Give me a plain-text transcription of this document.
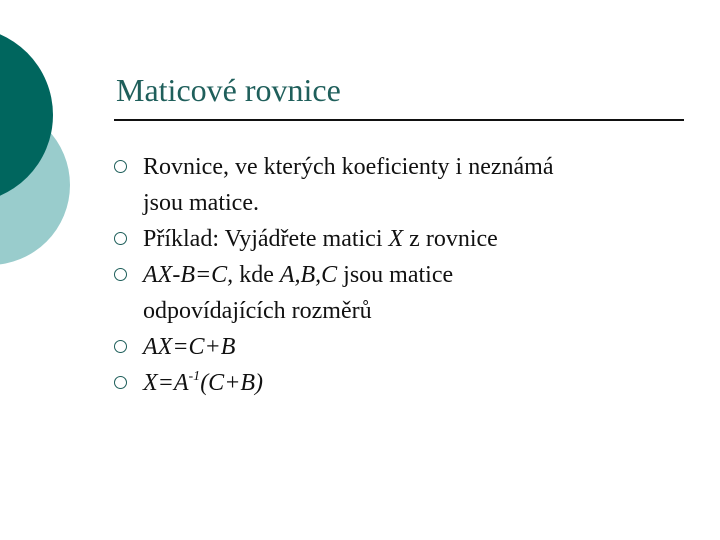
Maticové rovnice
Rovnice, ve kterých koeficienty i neznámá
jsou matice.
Příklad: Vyjádřete matici X z rovnice
AX-B=C, kde A,B,C jsou matice
odpovídajících rozměrů
AX=C+B
$X=A^{-1}(C+B)$
